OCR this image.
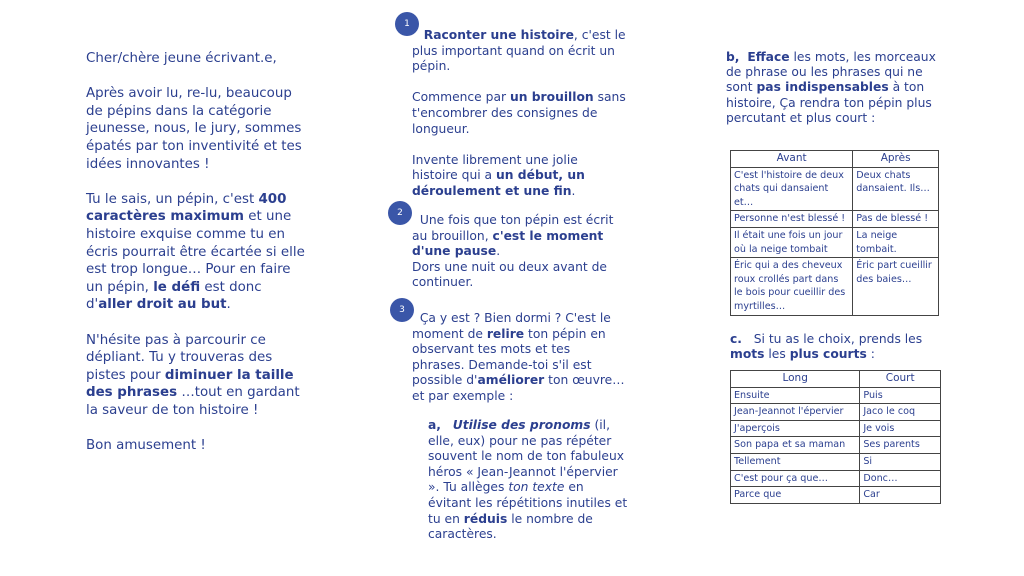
Cher/chère jeune écrivant.e,

Après avoir lu, re-lu, beaucoup de pépins dans la catégorie jeunesse, nous, le jury, sommes épatés par ton inventivité et tes idées innovantes !

Tu le sais, un pépin, c'est 400 caractères maximum et une histoire exquise comme tu en écris pourrait être écartée si elle est trop longue… Pour en faire un pépin, le défi est donc d'aller droit au but.

N'hésite pas à parcourir ce dépliant. Tu y trouveras des pistes pour diminuer la taille des phrases …tout en gardant la saveur de ton histoire !

Bon amusement !

1

Raconter une histoire, c'est le plus important quand on écrit un pépin.

Commence par un brouillon sans t'encombrer des consignes de longueur.

Invente librement une jolie histoire qui a un début, un déroulement et une fin.

2	Une fois que ton pépin est écrit au brouillon, c'est le moment d'une pause.

Dors une nuit ou deux avant de continuer.

3

Ça y est ? Bien dormi ? C'est le moment de relire ton pépin en observant tes mots et tes phrases. Demande-toi s'il est possible d'améliorer ton œuvre… et par exemple :

a, Utilise des pronoms (il, elle, eux) pour ne pas répéter souvent le nom de ton fabuleux héros « Jean-Jeannot l'épervier ». Tu allèges ton texte en évitant les répétitions inutiles et tu en réduis le nombre de caractères.

b, Efface les mots, les morceaux de phrase ou les phrases qui ne sont pas indispensables à ton histoire, Ça rendra ton pépin plus percutant et plus court :

Avant	Après
C'est l'histoire de deux chats qui dansaient et…	Deux chats dansaient. Ils…
Personne n'est blessé !	Pas de blessé !
Il était une fois un jour où la neige tombait	La neige tombait.
Éric qui a des cheveux roux crollés part dans le bois pour cueillir des myrtilles…	Éric part cueillir des baies…

c. Si tu as le choix, prends les mots les plus courts :

Long	Court
Ensuite	Puis
Jean-Jeannot l'épervier	Jaco le coq
J'aperçois	Je vois
Son papa et sa maman	Ses parents
Tellement	Si
C'est pour ça que…	Donc…
Parce que	Car
